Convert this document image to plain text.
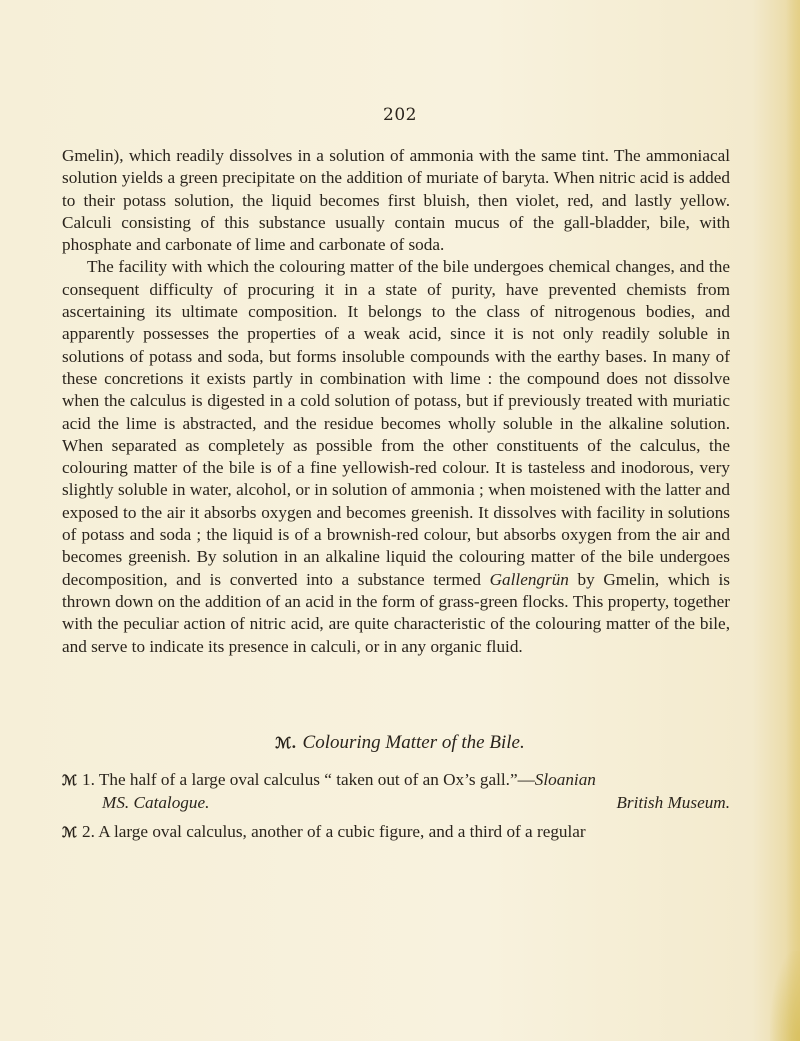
202

Gmelin), which readily dissolves in a solution of ammonia with the same tint. The ammoniacal solution yields a green precipitate on the addition of muriate of baryta. When nitric acid is added to their potass solution, the liquid becomes first bluish, then violet, red, and lastly yellow. Calculi consisting of this substance usually contain mucus of the gall-bladder, bile, with phosphate and carbonate of lime and carbonate of soda.

The facility with which the colouring matter of the bile undergoes chemical changes, and the consequent difficulty of procuring it in a state of purity, have prevented chemists from ascertaining its ultimate composition. It belongs to the class of nitrogenous bodies, and apparently possesses the properties of a weak acid, since it is not only readily soluble in solutions of potass and soda, but forms insoluble compounds with the earthy bases. In many of these concretions it exists partly in combination with lime : the compound does not dissolve when the calculus is digested in a cold solution of potass, but if previously treated with muriatic acid the lime is abstracted, and the residue becomes wholly soluble in the alkaline solution. When separated as completely as possible from the other constituents of the calculus, the colouring matter of the bile is of a fine yellowish-red colour. It is tasteless and inodorous, very slightly soluble in water, alcohol, or in solution of ammonia ; when moistened with the latter and exposed to the air it absorbs oxygen and becomes greenish. It dissolves with facility in solutions of potass and soda ; the liquid is of a brownish-red colour, but absorbs oxygen from the air and becomes greenish. By solution in an alkaline liquid the colouring matter of the bile undergoes decomposition, and is converted into a substance termed Gallengrün by Gmelin, which is thrown down on the addition of an acid in the form of grass-green flocks. This property, together with the peculiar action of nitric acid, are quite characteristic of the colouring matter of the bile, and serve to indicate its presence in calculi, or in any organic fluid.

ℳ. Colouring Matter of the Bile.
ℳ 1. The half of a large oval calculus “ taken out of an Ox’s gall.”—Sloanian
MS. Catalogue.	British Museum.
ℳ 2. A large oval calculus, another of a cubic figure, and a third of a regular
